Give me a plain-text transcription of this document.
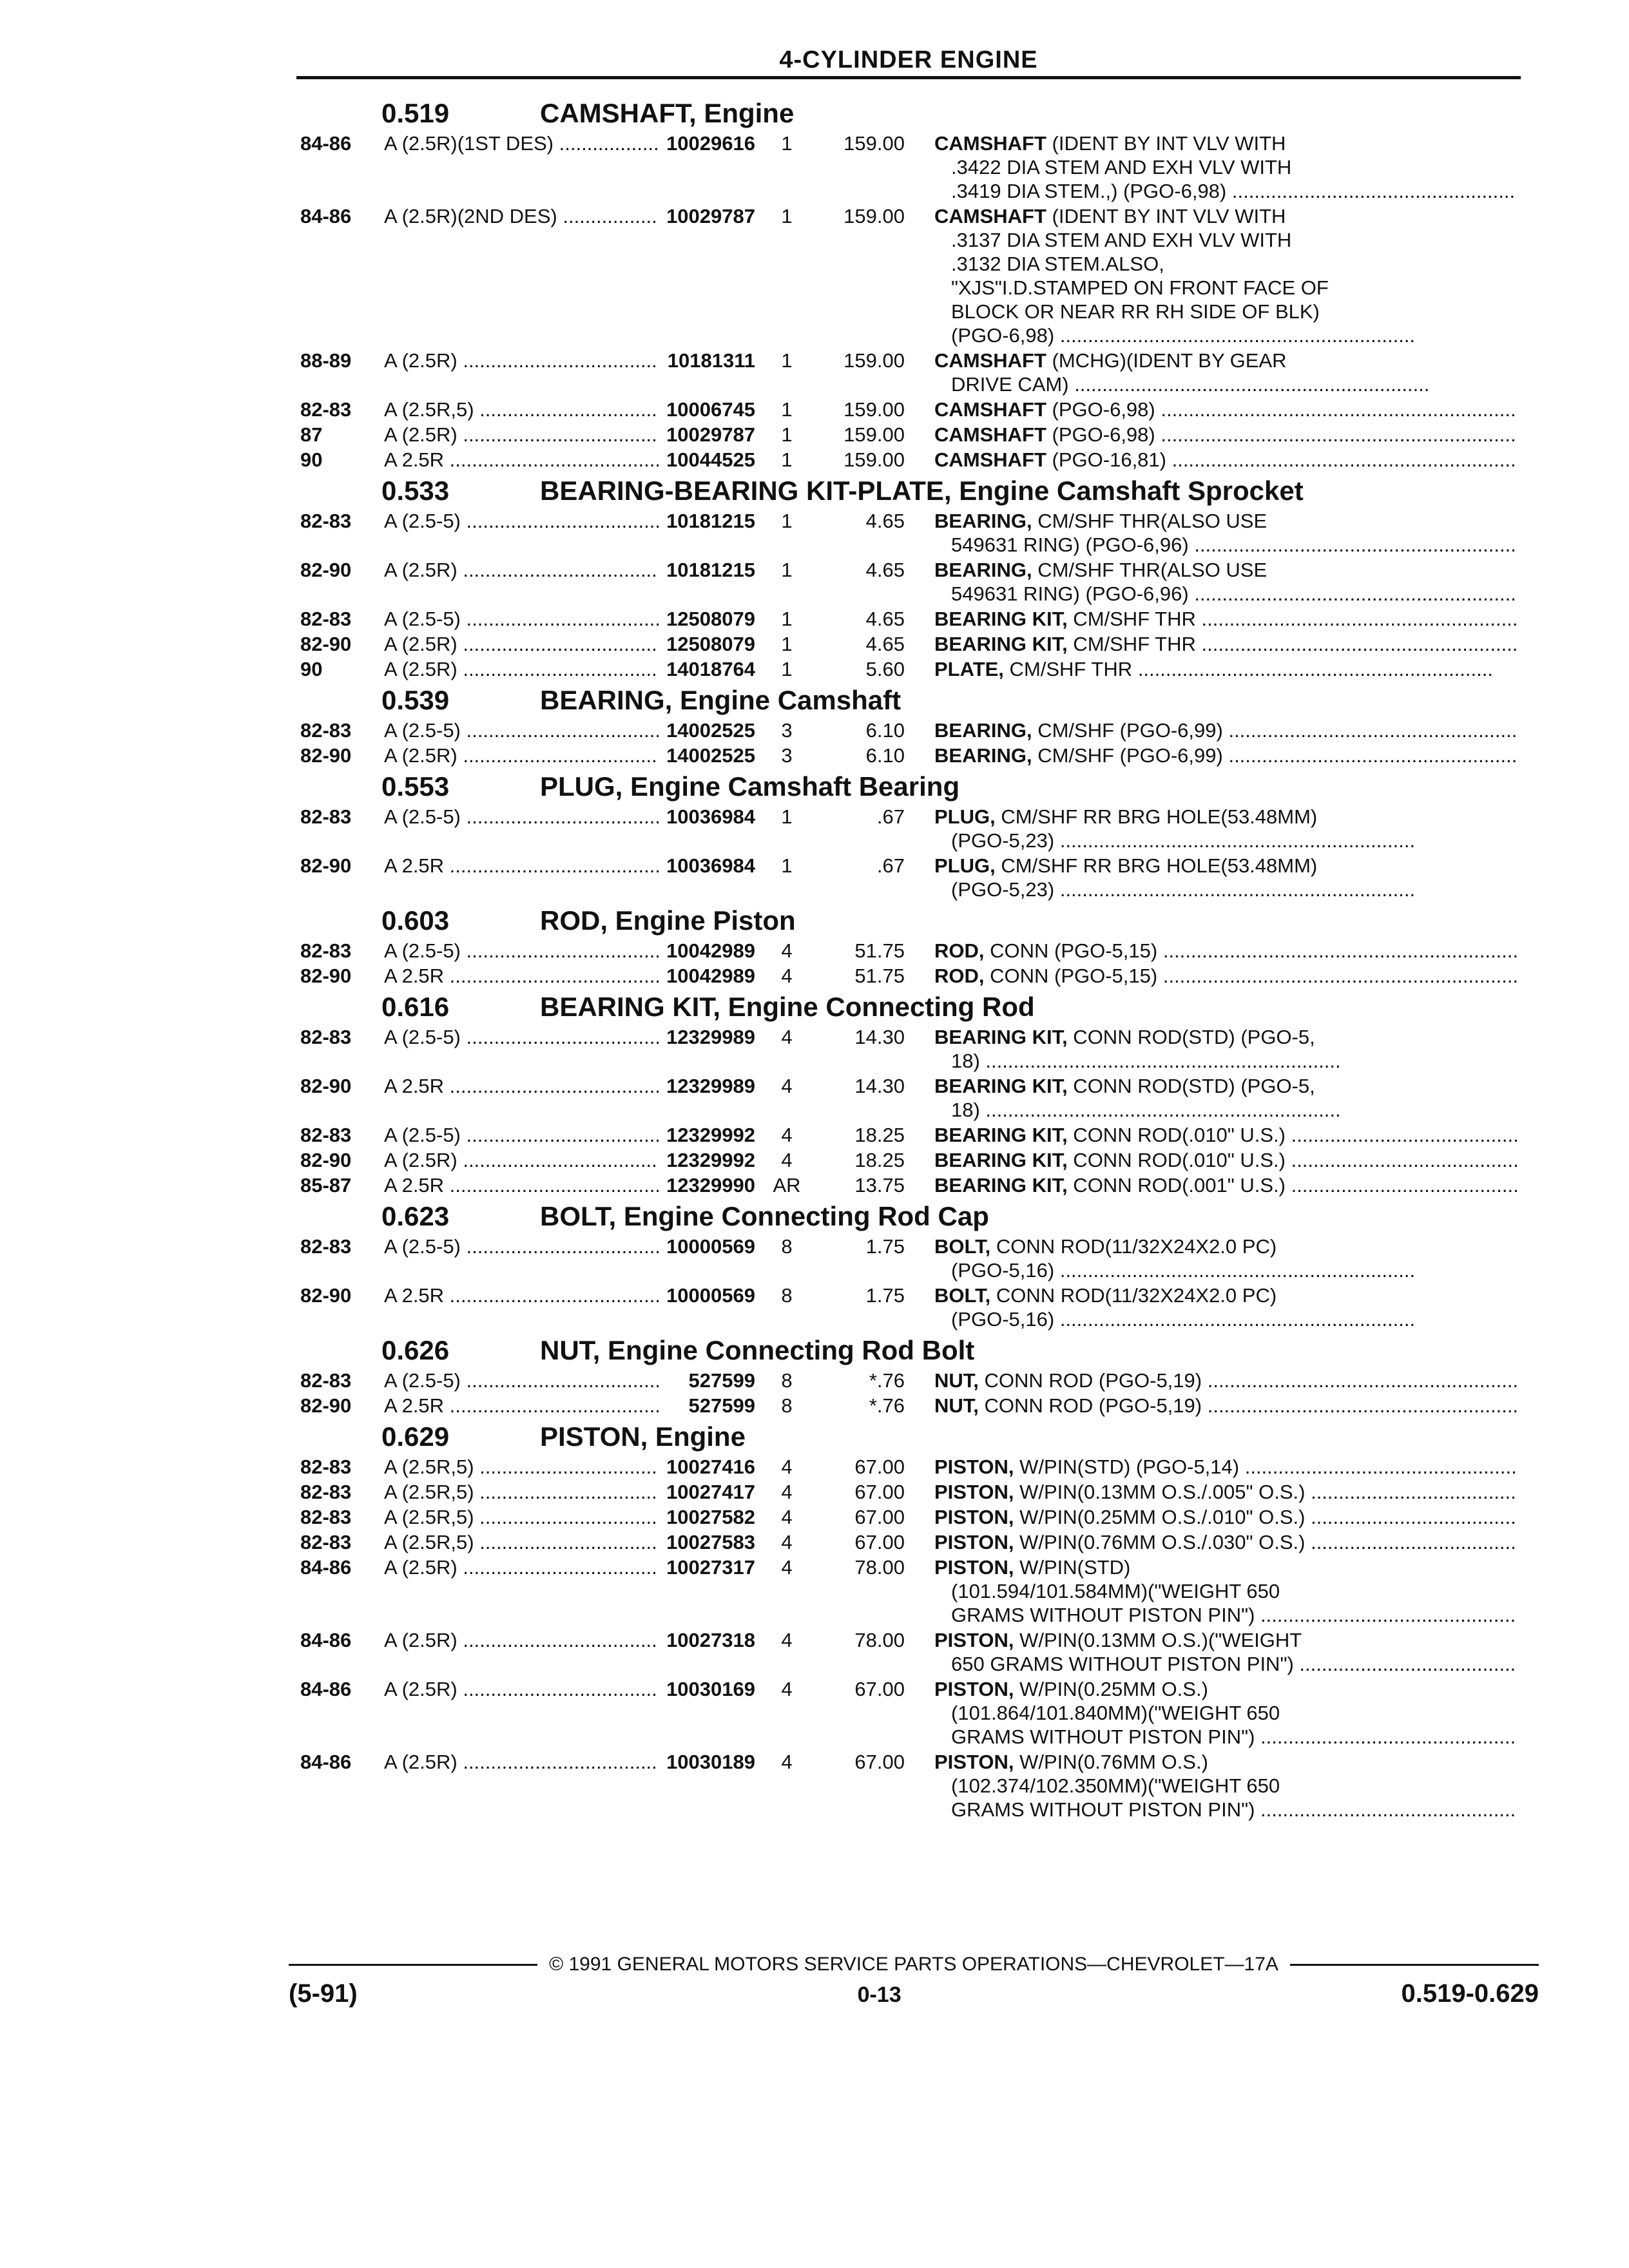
4-CYLINDER ENGINE
0.519	CAMSHAFT, Engine
84-86	A (2.5R)(1ST DES) .....	10029616	1	159.00 CAMSHAFT (IDENT BY INT VLV WITH
.3422 DIA STEM AND EXH VLV WITH
.3419 DIA STEM.,) (PGO-6,98) .....
84-86	A (2.5R)(2ND DES) .....	10029787	1	159.00 CAMSHAFT (IDENT BY INT VLV WITH
.3137 DIA STEM AND EXH VLV WITH
.3132 DIA STEM.ALSO,
"XJS"I.D.STAMPED ON FRONT FACE OF
BLOCK OR NEAR RR RH SIDE OF BLK)
(PGO-6,98) .....
88-89	A (2.5R) .....	10181311	1	159.00 CAMSHAFT (MCHG)(IDENT BY GEAR
DRIVE CAM) .....
82-83	A (2.5R,5) .....	10006745	1	159.00 CAMSHAFT (PGO-6,98) .....
87	A (2.5R) .....	10029787	1	159.00 CAMSHAFT (PGO-6,98) .....
90	A 2.5R .....	10044525	1	159.00 CAMSHAFT (PGO-16,81) .....
0.533	BEARING-BEARING KIT-PLATE, Engine Camshaft Sprocket
82-83	A (2.5-5) .....	10181215	1	4.65 BEARING, CM/SHF THR(ALSO USE
549631 RING) (PGO-6,96) .....
82-90	A (2.5R) .....	10181215	1	4.65 BEARING, CM/SHF THR(ALSO USE
549631 RING) (PGO-6,96) .....
82-83	A (2.5-5) .....	12508079	1	4.65 BEARING KIT, CM/SHF THR .....
82-90	A (2.5R) .....	12508079	1	4.65 BEARING KIT, CM/SHF THR .....
90	A (2.5R) .....	14018764	1	5.60 PLATE, CM/SHF THR .....
0.539	BEARING, Engine Camshaft
82-83	A (2.5-5) .....	14002525	3	6.10 BEARING, CM/SHF (PGO-6,99) .....
82-90	A (2.5R) .....	14002525	3	6.10 BEARING, CM/SHF (PGO-6,99) .....
0.553	PLUG, Engine Camshaft Bearing
82-83	A (2.5-5) .....	10036984	1	.67 PLUG, CM/SHF RR BRG HOLE(53.48MM)
(PGO-5,23) .....
82-90	A 2.5R .....	10036984	1	.67 PLUG, CM/SHF RR BRG HOLE(53.48MM)
(PGO-5,23) .....
0.603	ROD, Engine Piston
82-83	A (2.5-5) .....	10042989	4	51.75 ROD, CONN (PGO-5,15) .....
82-90	A 2.5R .....	10042989	4	51.75 ROD, CONN (PGO-5,15) .....
0.616	BEARING KIT, Engine Connecting Rod
82-83	A (2.5-5) .....	12329989	4	14.30 BEARING KIT, CONN ROD(STD) (PGO-5,
18) .....
82-90	A 2.5R .....	12329989	4	14.30 BEARING KIT, CONN ROD(STD) (PGO-5,
18) .....
82-83	A (2.5-5) .....	12329992	4	18.25 BEARING KIT, CONN ROD(.010" U.S.) .....
82-90	A (2.5R) .....	12329992	4	18.25 BEARING KIT, CONN ROD(.010" U.S.) .....
85-87	A 2.5R .....	12329990 AR	13.75 BEARING KIT, CONN ROD(.001" U.S.) .....
0.623	BOLT, Engine Connecting Rod Cap
82-83	A (2.5-5) .....	10000569	8	1.75 BOLT, CONN ROD(11/32X24X2.0 PC)
(PGO-5,16) .....
82-90	A 2.5R .....	10000569	8	1.75 BOLT, CONN ROD(11/32X24X2.0 PC)
(PGO-5,16) .....
0.626	NUT, Engine Connecting Rod Bolt
82-83	A (2.5-5) .....	527599	8	*.76 NUT, CONN ROD (PGO-5,19) .....
82-90	A 2.5R .....	527599	8	*.76 NUT, CONN ROD (PGO-5,19) .....
0.629	PISTON, Engine
82-83	A (2.5R,5) .....	10027416	4	67.00 PISTON, W/PIN(STD) (PGO-5,14) .....
82-83	A (2.5R,5) .....	10027417	4	67.00 PISTON, W/PIN(0.13MM O.S./.005" O.S.) .....
82-83	A (2.5R,5) .....	10027582	4	67.00 PISTON, W/PIN(0.25MM O.S./.010" O.S.) .....
82-83	A (2.5R,5) .....	10027583	4	67.00 PISTON, W/PIN(0.76MM O.S./.030" O.S.) .....
84-86	A (2.5R) .....	10027317	4	78.00 PISTON, W/PIN(STD)
(101.594/101.584MM)("WEIGHT 650
GRAMS WITHOUT PISTON PIN") .....
84-86	A (2.5R) .....	10027318	4	78.00 PISTON, W/PIN(0.13MM O.S.)("WEIGHT
650 GRAMS WITHOUT PISTON PIN") .....
84-86	A (2.5R) .....	10030169	4	67.00 PISTON, W/PIN(0.25MM O.S.)
(101.864/101.840MM)("WEIGHT 650
GRAMS WITHOUT PISTON PIN") .....
84-86	A (2.5R) .....	10030189	4	67.00 PISTON, W/PIN(0.76MM O.S.)
(102.374/102.350MM)("WEIGHT 650
GRAMS WITHOUT PISTON PIN") .....
© 1991 GENERAL MOTORS SERVICE PARTS OPERATIONS—CHEVROLET—17A
(5-91)	0-13	0.519-0.629
